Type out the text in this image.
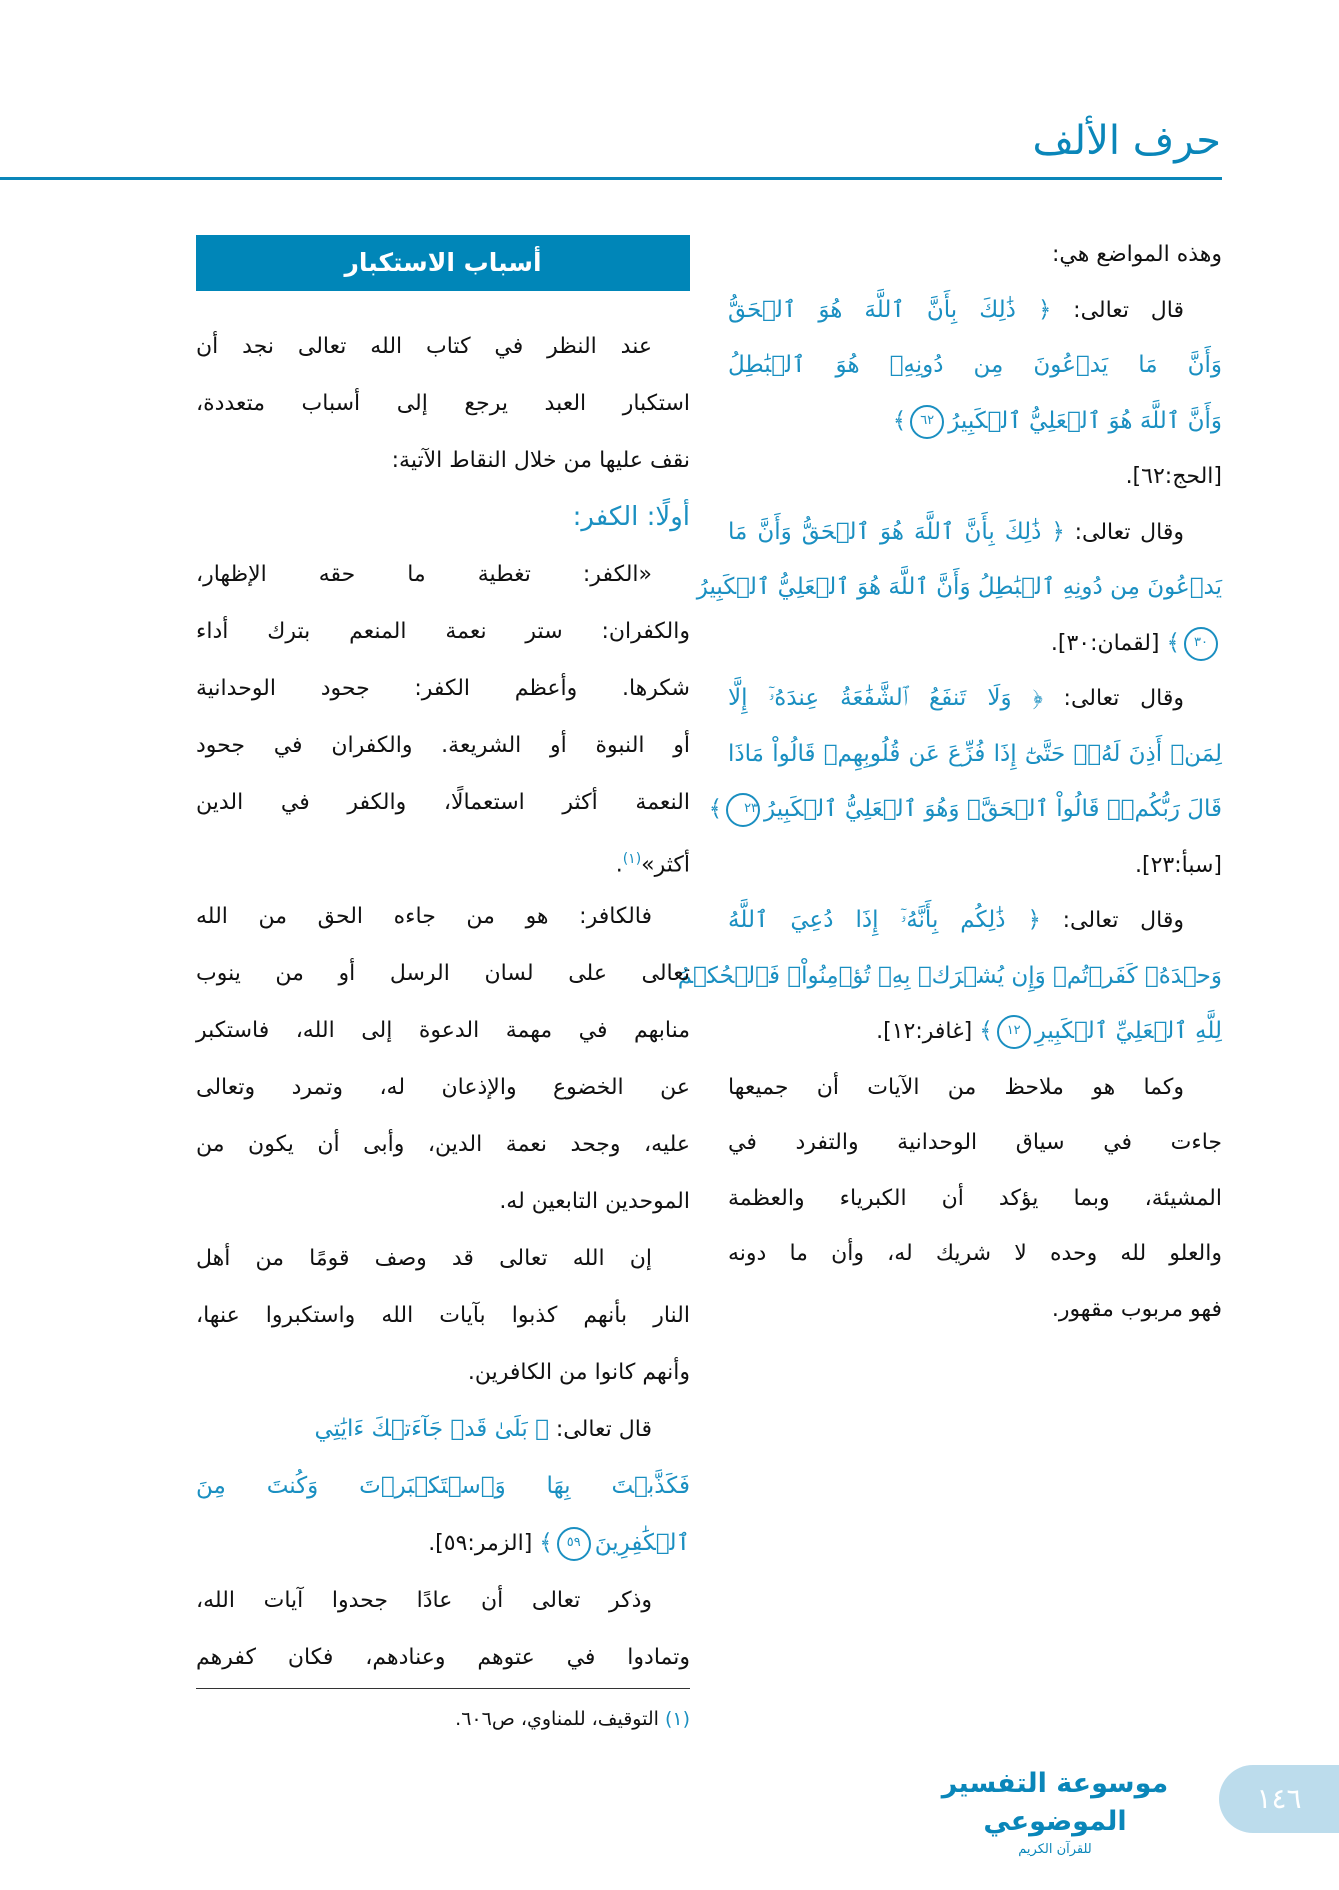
حرف الألف
وهذه المواضع هي:
قال تعالى: ﴿ ذَٰلِكَ بِأَنَّ ٱللَّهَ هُوَ ٱلۡحَقُّ
وَأَنَّ مَا يَدۡعُونَ مِن دُونِهِۦ هُوَ ٱلۡبَٰطِلُ
وَأَنَّ ٱللَّهَ هُوَ ٱلۡعَلِيُّ ٱلۡكَبِيرُ٦٢﴾
[الحج:٦٢].
وقال تعالى: ﴿ ذَٰلِكَ بِأَنَّ ٱللَّهَ هُوَ ٱلۡحَقُّ وَأَنَّ مَا
يَدۡعُونَ مِن دُونِهِ ٱلۡبَٰطِلُ وَأَنَّ ٱللَّهَ هُوَ ٱلۡعَلِيُّ ٱلۡكَبِيرُ
٣٠﴾ [لقمان:٣٠].
وقال تعالى: ﴿ وَلَا تَنفَعُ ٱلشَّفَٰعَةُ عِندَهُۥٓ إِلَّا
لِمَنۡ أَذِنَ لَهُۥۚ حَتَّىٰٓ إِذَا فُزِّعَ عَن قُلُوبِهِمۡ قَالُواْ مَاذَا
قَالَ رَبُّكُمۡۖ قَالُواْ ٱلۡحَقَّۖ وَهُوَ ٱلۡعَلِيُّ ٱلۡكَبِيرُ٢٣﴾
[سبأ:٢٣].
وقال تعالى: ﴿ ذَٰلِكُم بِأَنَّهُۥٓ إِذَا دُعِيَ ٱللَّهُ
وَحۡدَهُۥ كَفَرۡتُمۡ وَإِن يُشۡرَكۡ بِهِۦ تُؤۡمِنُواْۚ فَٱلۡحُكۡمُ
لِلَّهِ ٱلۡعَلِيِّ ٱلۡكَبِيرِ١٢﴾ [غافر:١٢].
وكما هو ملاحظ من الآيات أن جميعها
جاءت في سياق الوحدانية والتفرد في
المشيئة، وبما يؤكد أن الكبرياء والعظمة
والعلو لله وحده لا شريك له، وأن ما دونه
فهو مربوب مقهور.
أسباب الاستكبار
عند النظر في كتاب الله تعالى نجد أن
استكبار العبد يرجع إلى أسباب متعددة،
نقف عليها من خلال النقاط الآتية:
أولًا: الكفر:
«الكفر: تغطية ما حقه الإظهار،
والكفران: ستر نعمة المنعم بترك أداء
شكرها. وأعظم الكفر: جحود الوحدانية
أو النبوة أو الشريعة. والكفران في جحود
النعمة أكثر استعمالًا، والكفر في الدين
أكثر»$^{(١)}$.
فالكافر: هو من جاءه الحق من الله
تعالى على لسان الرسل أو من ينوب
منابهم في مهمة الدعوة إلى الله، فاستكبر
عن الخضوع والإذعان له، وتمرد وتعالى
عليه، وجحد نعمة الدين، وأبى أن يكون من
الموحدين التابعين له.
إن الله تعالى قد وصف قومًا من أهل
النار بأنهم كذبوا بآيات الله واستكبروا عنها،
وأنهم كانوا من الكافرين.
قال تعالى: ﴿ بَلَىٰ قَدۡ جَآءَتۡكَ ءَايَٰتِي
فَكَذَّبۡتَ بِهَا وَٱسۡتَكۡبَرۡتَ وَكُنتَ مِنَ
ٱلۡكَٰفِرِينَ٥٩﴾ [الزمر:٥٩].
وذكر تعالى أن عادًا جحدوا آيات الله،
وتمادوا في عتوهم وعنادهم، فكان كفرهم
(١) التوقيف، للمناوي، ص٦٠٦.
موسوعة التفسير الموضوعي
للقرآن الكريم
١٤٦
